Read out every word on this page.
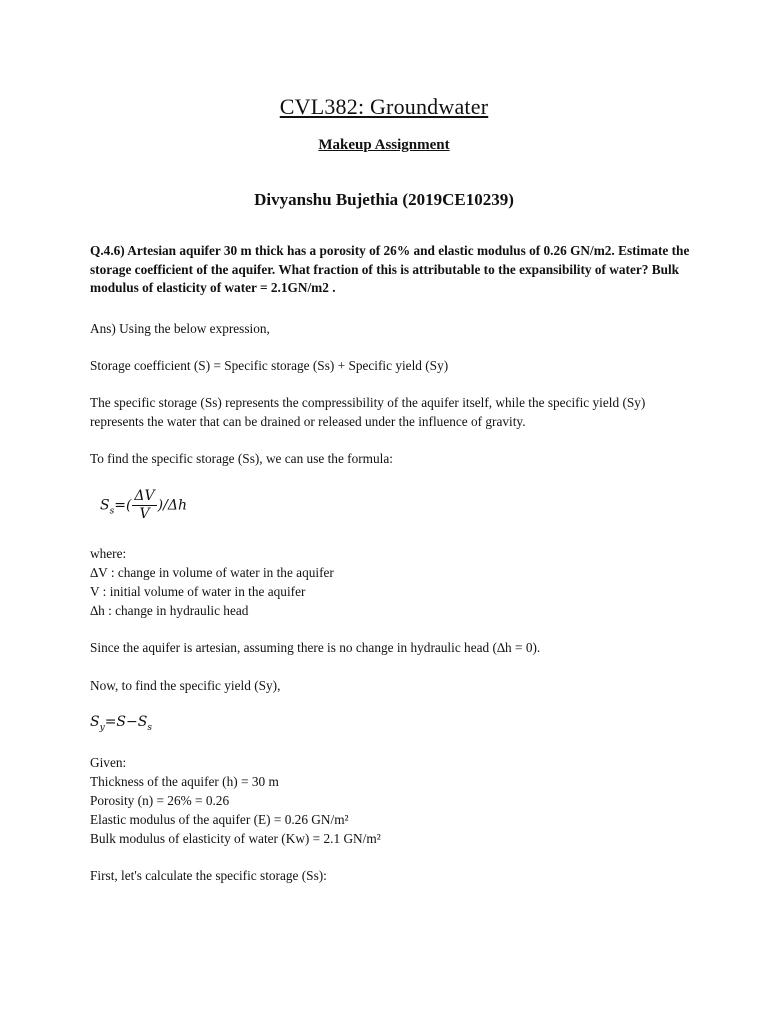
CVL382: Groundwater
Makeup Assignment
Divyanshu Bujethia (2019CE10239)
Q.4.6) Artesian aquifer 30 m thick has a porosity of 26% and elastic modulus of 0.26 GN/m2. Estimate the storage coefficient of the aquifer. What fraction of this is attributable to the expansibility of water? Bulk modulus of elasticity of water = 2.1GN/m2 .

Ans) Using the below expression,

Storage coefficient (S) = Specific storage (Ss) + Specific yield (Sy)

The specific storage (Ss) represents the compressibility of the aquifer itself, while the specific yield (Sy) represents the water that can be drained or released under the influence of gravity.

To find the specific storage (Ss), we can use the formula:

$S_s=( \frac{\Delta V}{V} )/\Delta h$

where:

∆V : change in volume of water in the aquifer

V : initial volume of water in the aquifer

∆h : change in hydraulic head

Since the aquifer is artesian, assuming there is no change in hydraulic head (∆h = 0).

Now, to find the specific yield (Sy),

$S_y=S-S_s$

Given:

Thickness of the aquifer (h) = 30 m

Porosity (n) = 26% = 0.26

Elastic modulus of the aquifer (E) = 0.26 GN/m²

Bulk modulus of elasticity of water (Kw) = 2.1 GN/m²

First, let's calculate the specific storage (Ss):
